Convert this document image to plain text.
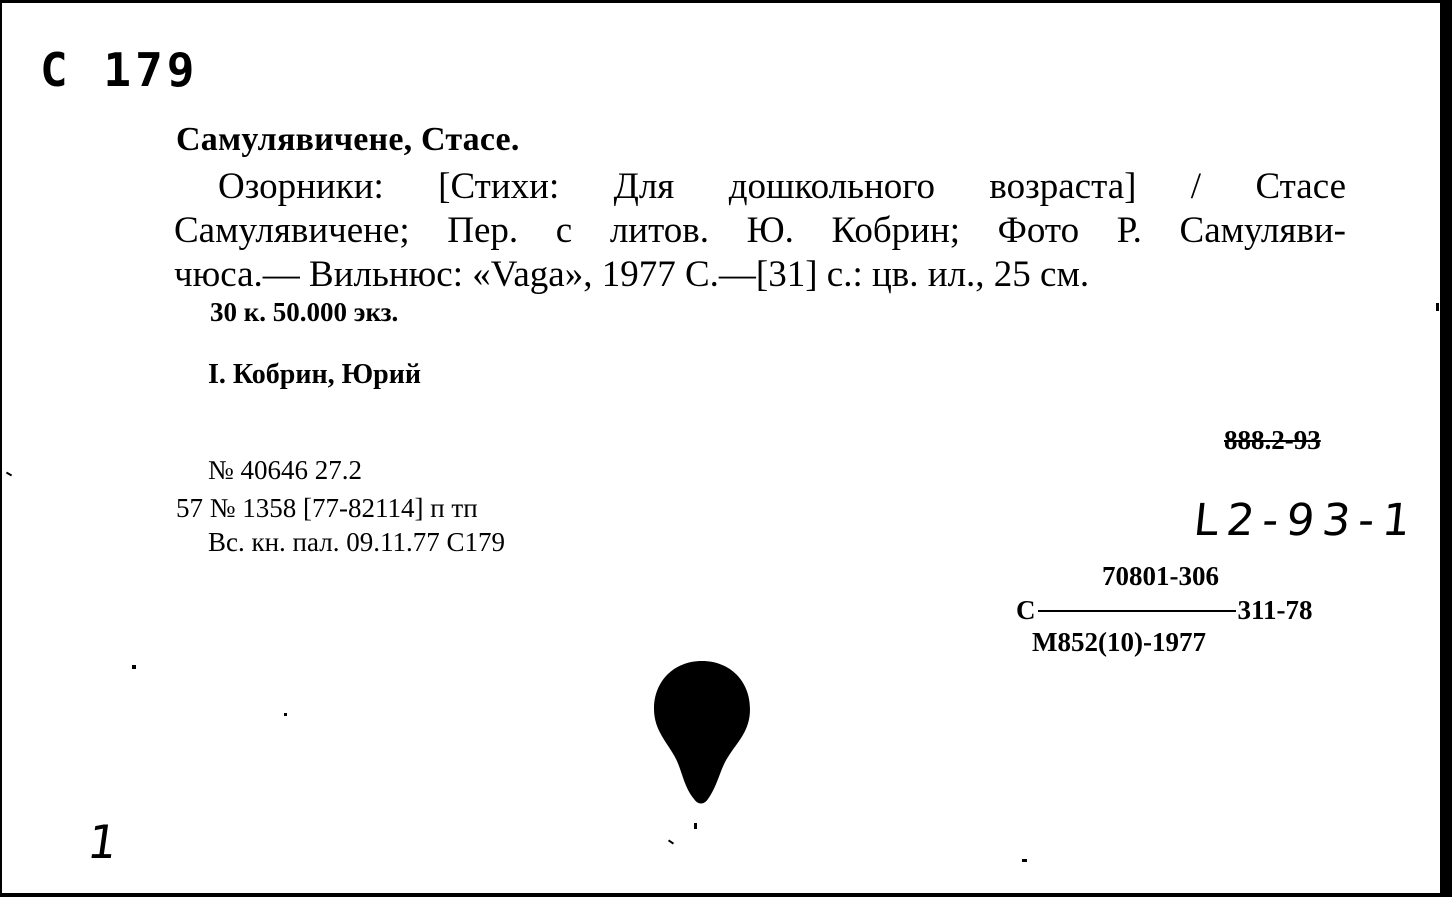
С 179
Самулявичене, Стасе.
Озорники: [Стихи: Для дошкольного возраста] / Стасе
Самулявичене; Пер. с литов. Ю. Кобрин; Фото Р. Самуляви-
чюса.— Вильнюс: «Vaga», 1977 С.—[31] с.: цв. ил., 25 см.
30 к. 50.000 экз.
I. Кобрин, Юрий
888.2-93
L2-93-1
№ 40646 27.2
57 № 1358 [77-82114] п тп
Вс. кн. пал. 09.11.77 С179
70801-306
С	311-78
М852(10)-1977
1
